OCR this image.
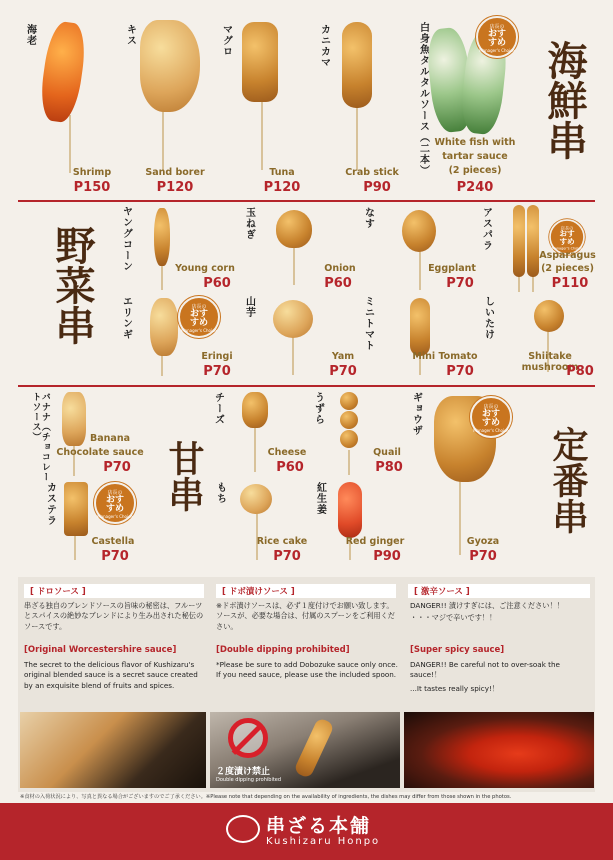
海老
Shrimp
P150
キス
Sand borer
P120
マグロ
Tuna
P120
カニカマ
Crab stick
P90
白身魚タルタルソース（二本）	店長の
おす
すめ
Manager's Choice
White fish with
tartar sauce
(2 pieces)
P240
海鮮串
野菜串 ヤングコーン	Young corn
P60
玉ねぎ
Onion
P60
なす
Eggplant
P70
アスパラ	店長の
おす
すめ
Manager's Choice
Asparagus
(2 pieces)
P110
エリンギ	店長の
おす
すめ
Manager's Choice
Eringi
P70
山芋
Yam
P70
ミニトマト
Mini Tomato
P70
しいたけ
Shiitake mushroom
P80
バナナ（チョコレートソース）	Banana
Chocolate sauce
P70
カステラ	店長の
おす
すめ
Manager's Choice
Castella
P70
甘串
チーズ
Cheese
P60
うずら
Quail
P80
ギョウザ	店長の
おす
すめ
Manager's Choice
Gyoza
P70
もち
Rice cake
P70
紅生姜
Red ginger
P90
定番串
[ ドロソース ]
串ざる独自のブレンドソースの旨味の秘密は、フルーツとスパイスの絶妙なブレンドにより生み出された秘伝のソースです。
[Original Worcestershire sauce]
The secret to the delicious flavor of Kushizaru's original blended sauce is a secret sauce created by an exquisite blend of fruits and spices.
[ ドボ漬けソース ]
※ドボ漬けソースは、必ず１度付けでお願い致します。ソースが、必要な場合は、付属のスプーンをご利用ください。
[Double dipping prohibited]
*Please be sure to add Dobozuke sauce only once. If you need sauce, please use the included spoon.
２度漬け禁止
Double dipping prohibited
[ 激辛ソース ]
DANGER!! 漬けすぎには、ご注意ください！！
・・・マジで辛いです！！
[Super spicy sauce]
DANGER!! Be careful not to over-soak the sauce!！
...It tastes really spicy!！
※食材の入荷状況により、写真と異なる場合がございますのでご了承ください。※Please note that depending on the availability of ingredients, the dishes may differ from those shown in the photos.
串ざる本舗
Kushizaru Honpo
